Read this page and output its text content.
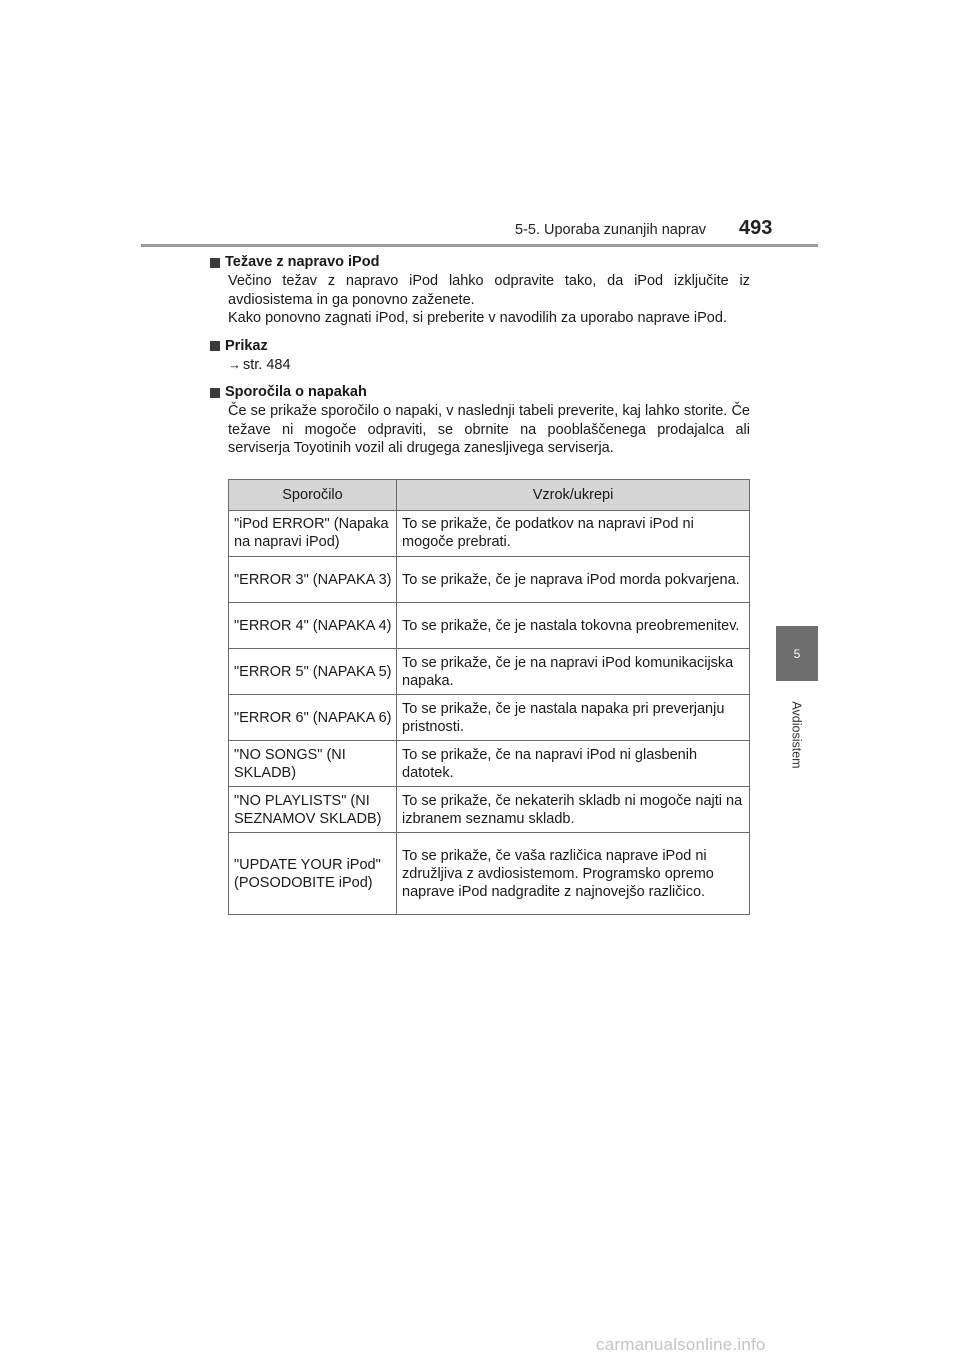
5-5. Uporaba zunanjih naprav 493
5
Avdiosistem
Težave z napravo iPod

Večino težav z napravo iPod lahko odpravite tako, da iPod izključite iz avdiosistema in ga ponovno zaženete.

Kako ponovno zagnati iPod, si preberite v navodilih za uporabo naprave iPod.

Prikaz
→ str. 484
Sporočila o napakah

Če se prikaže sporočilo o napaki, v naslednji tabeli preverite, kaj lahko storite. Če težave ni mogoče odpraviti, se obrnite na pooblaščenega prodajalca ali serviserja Toyotinih vozil ali drugega zanesljivega serviserja.

Sporočilo	Vzrok/ukrepi
"iPod ERROR" (Napaka na napravi iPod)	To se prikaže, če podatkov na napravi iPod ni mogoče prebrati.
"ERROR 3" (NAPAKA 3)	To se prikaže, če je naprava iPod morda pokvarjena.
"ERROR 4" (NAPAKA 4)	To se prikaže, če je nastala tokovna preobremenitev.
"ERROR 5" (NAPAKA 5)	To se prikaže, če je na napravi iPod komunikacijska napaka.
"ERROR 6" (NAPAKA 6)	To se prikaže, če je nastala napaka pri preverjanju pristnosti.
"NO SONGS" (NI SKLADB)	To se prikaže, če na napravi iPod ni glasbenih datotek.
"NO PLAYLISTS" (NI SEZNAMOV SKLADB)	To se prikaže, če nekaterih skladb ni mogoče najti na izbranem seznamu skladb.
"UPDATE YOUR iPod" (POSODOBITE iPod)	To se prikaže, če vaša različica naprave iPod ni združljiva z avdiosistemom. Programsko opremo naprave iPod nadgradite z najnovejšo različico.
carmanualsonline.info
